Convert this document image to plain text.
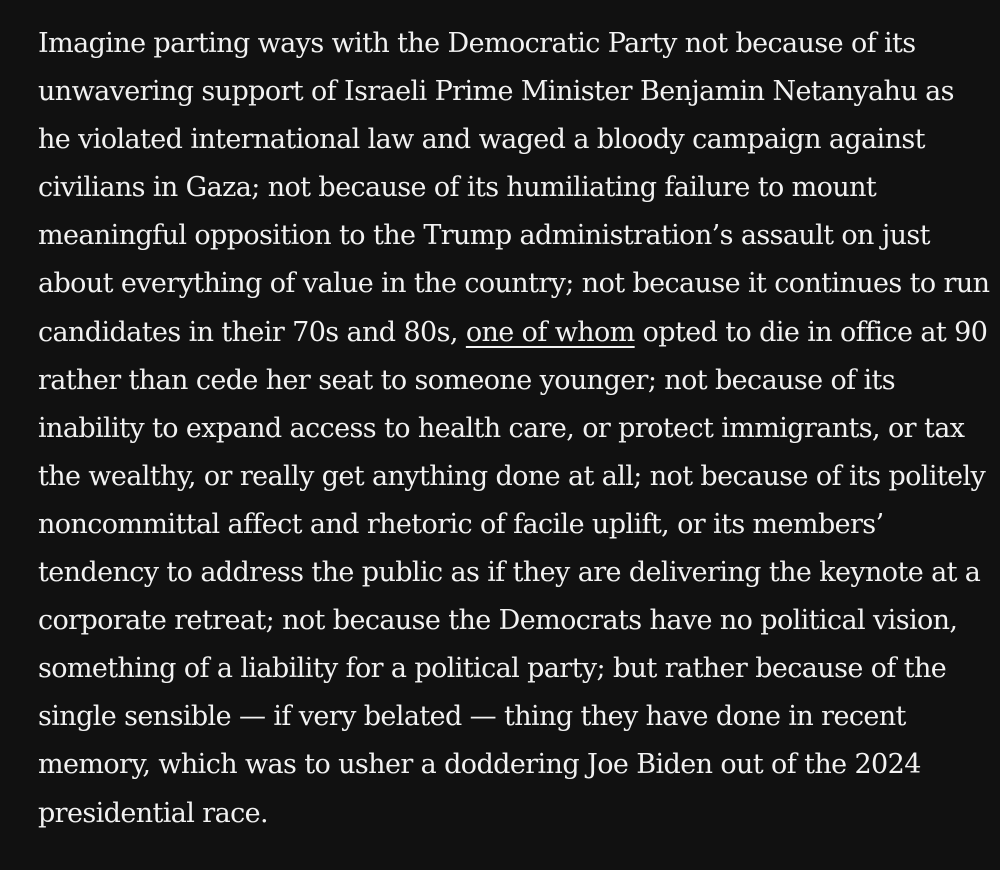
Imagine parting ways with the Democratic Party not because of its
unwavering support of Israeli Prime Minister Benjamin Netanyahu as
he violated international law and waged a bloody campaign against
civilians in Gaza; not because of its humiliating failure to mount
meaningful opposition to the Trump administration’s assault on just
about everything of value in the country; not because it continues to run
candidates in their 70s and 80s, one of whom opted to die in office at 90
rather than cede her seat to someone younger; not because of its
inability to expand access to health care, or protect immigrants, or tax
the wealthy, or really get anything done at all; not because of its politely
noncommittal affect and rhetoric of facile uplift, or its members’
tendency to address the public as if they are delivering the keynote at a
corporate retreat; not because the Democrats have no political vision,
something of a liability for a political party; but rather because of the
single sensible — if very belated — thing they have done in recent
memory, which was to usher a doddering Joe Biden out of the 2024
presidential race.
